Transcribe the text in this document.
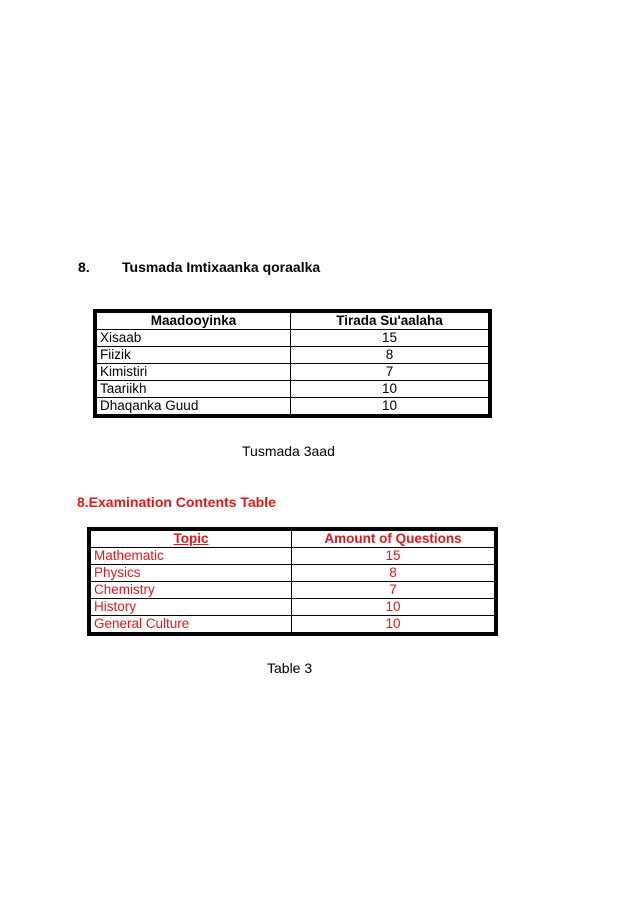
8. Tusmada Imtixaanka qoraalka
Maadooyinka	Tirada Su'aalaha
Xisaab	15
Fiizik	8
Kimistiri	7
Taariikh	10
Dhaqanka Guud	10
Tusmada 3aad
8.Examination Contents Table
Topic	Amount of Questions
Mathematic	15
Physics	8
Chemistry	7
History	10
General Culture	10
Table 3
